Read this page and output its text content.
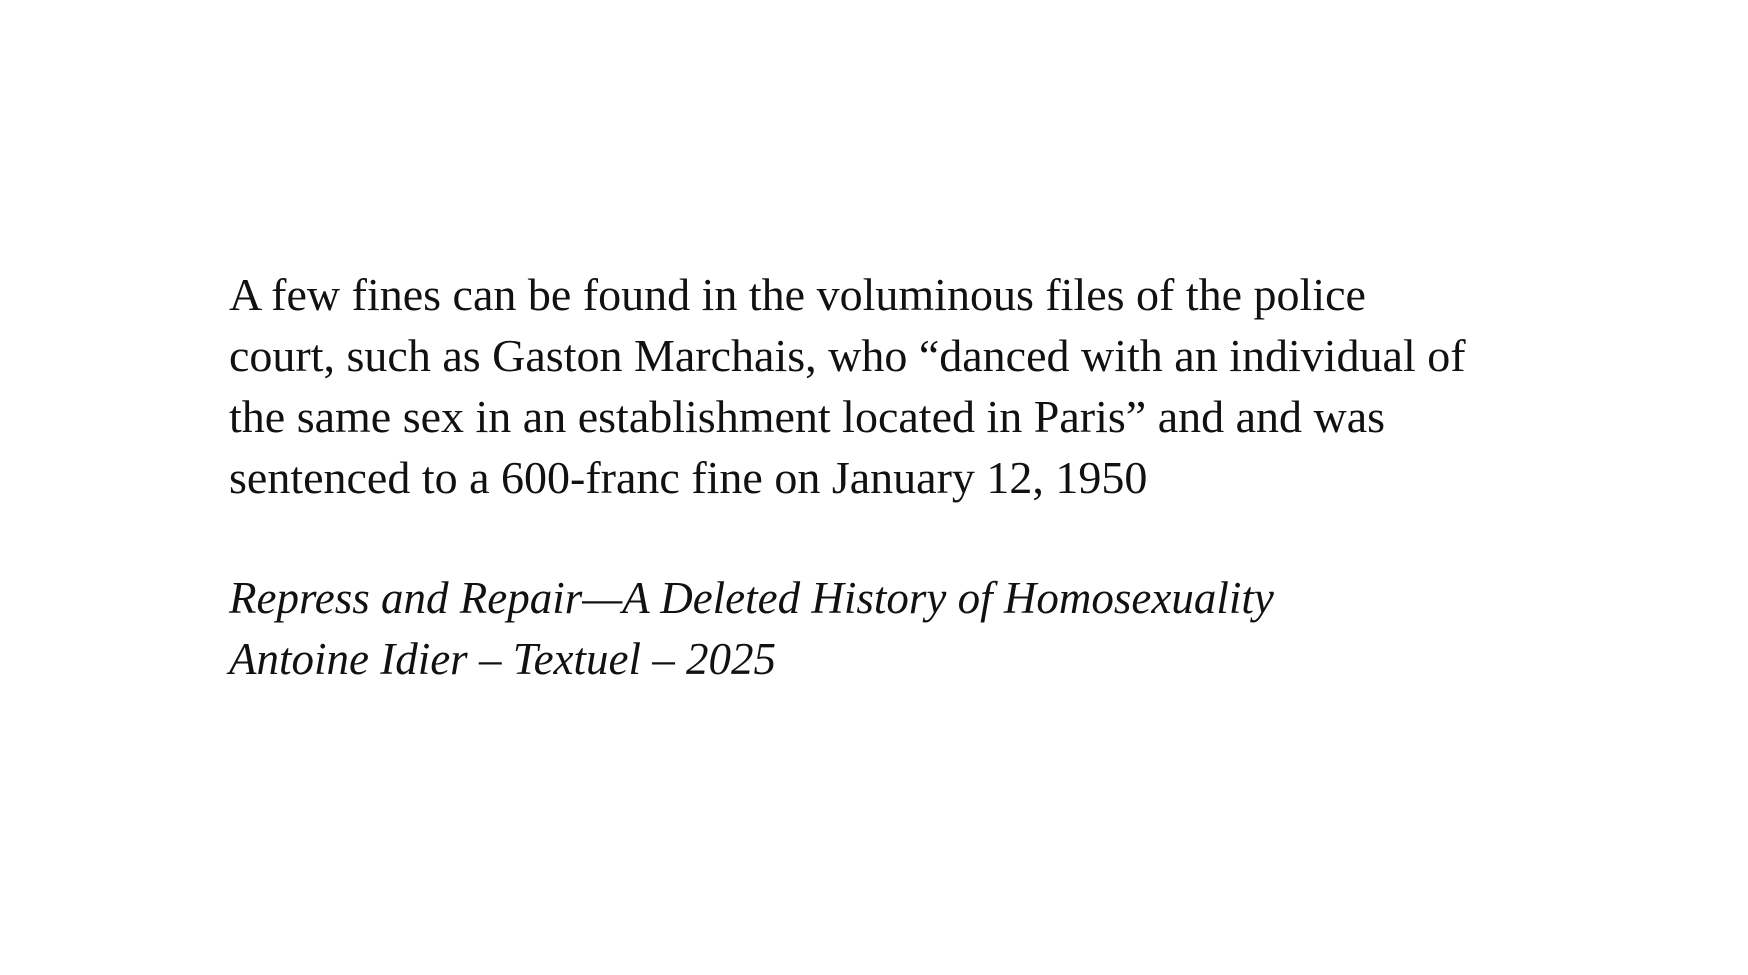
A few fines can be found in the voluminous files of the police
court, such as Gaston Marchais, who “danced with an individual of
the same sex in an establishment located in Paris” and and was
sentenced to a 600-franc fine on January 12, 1950

Repress and Repair—A Deleted History of Homosexuality
Antoine Idier – Textuel – 2025
